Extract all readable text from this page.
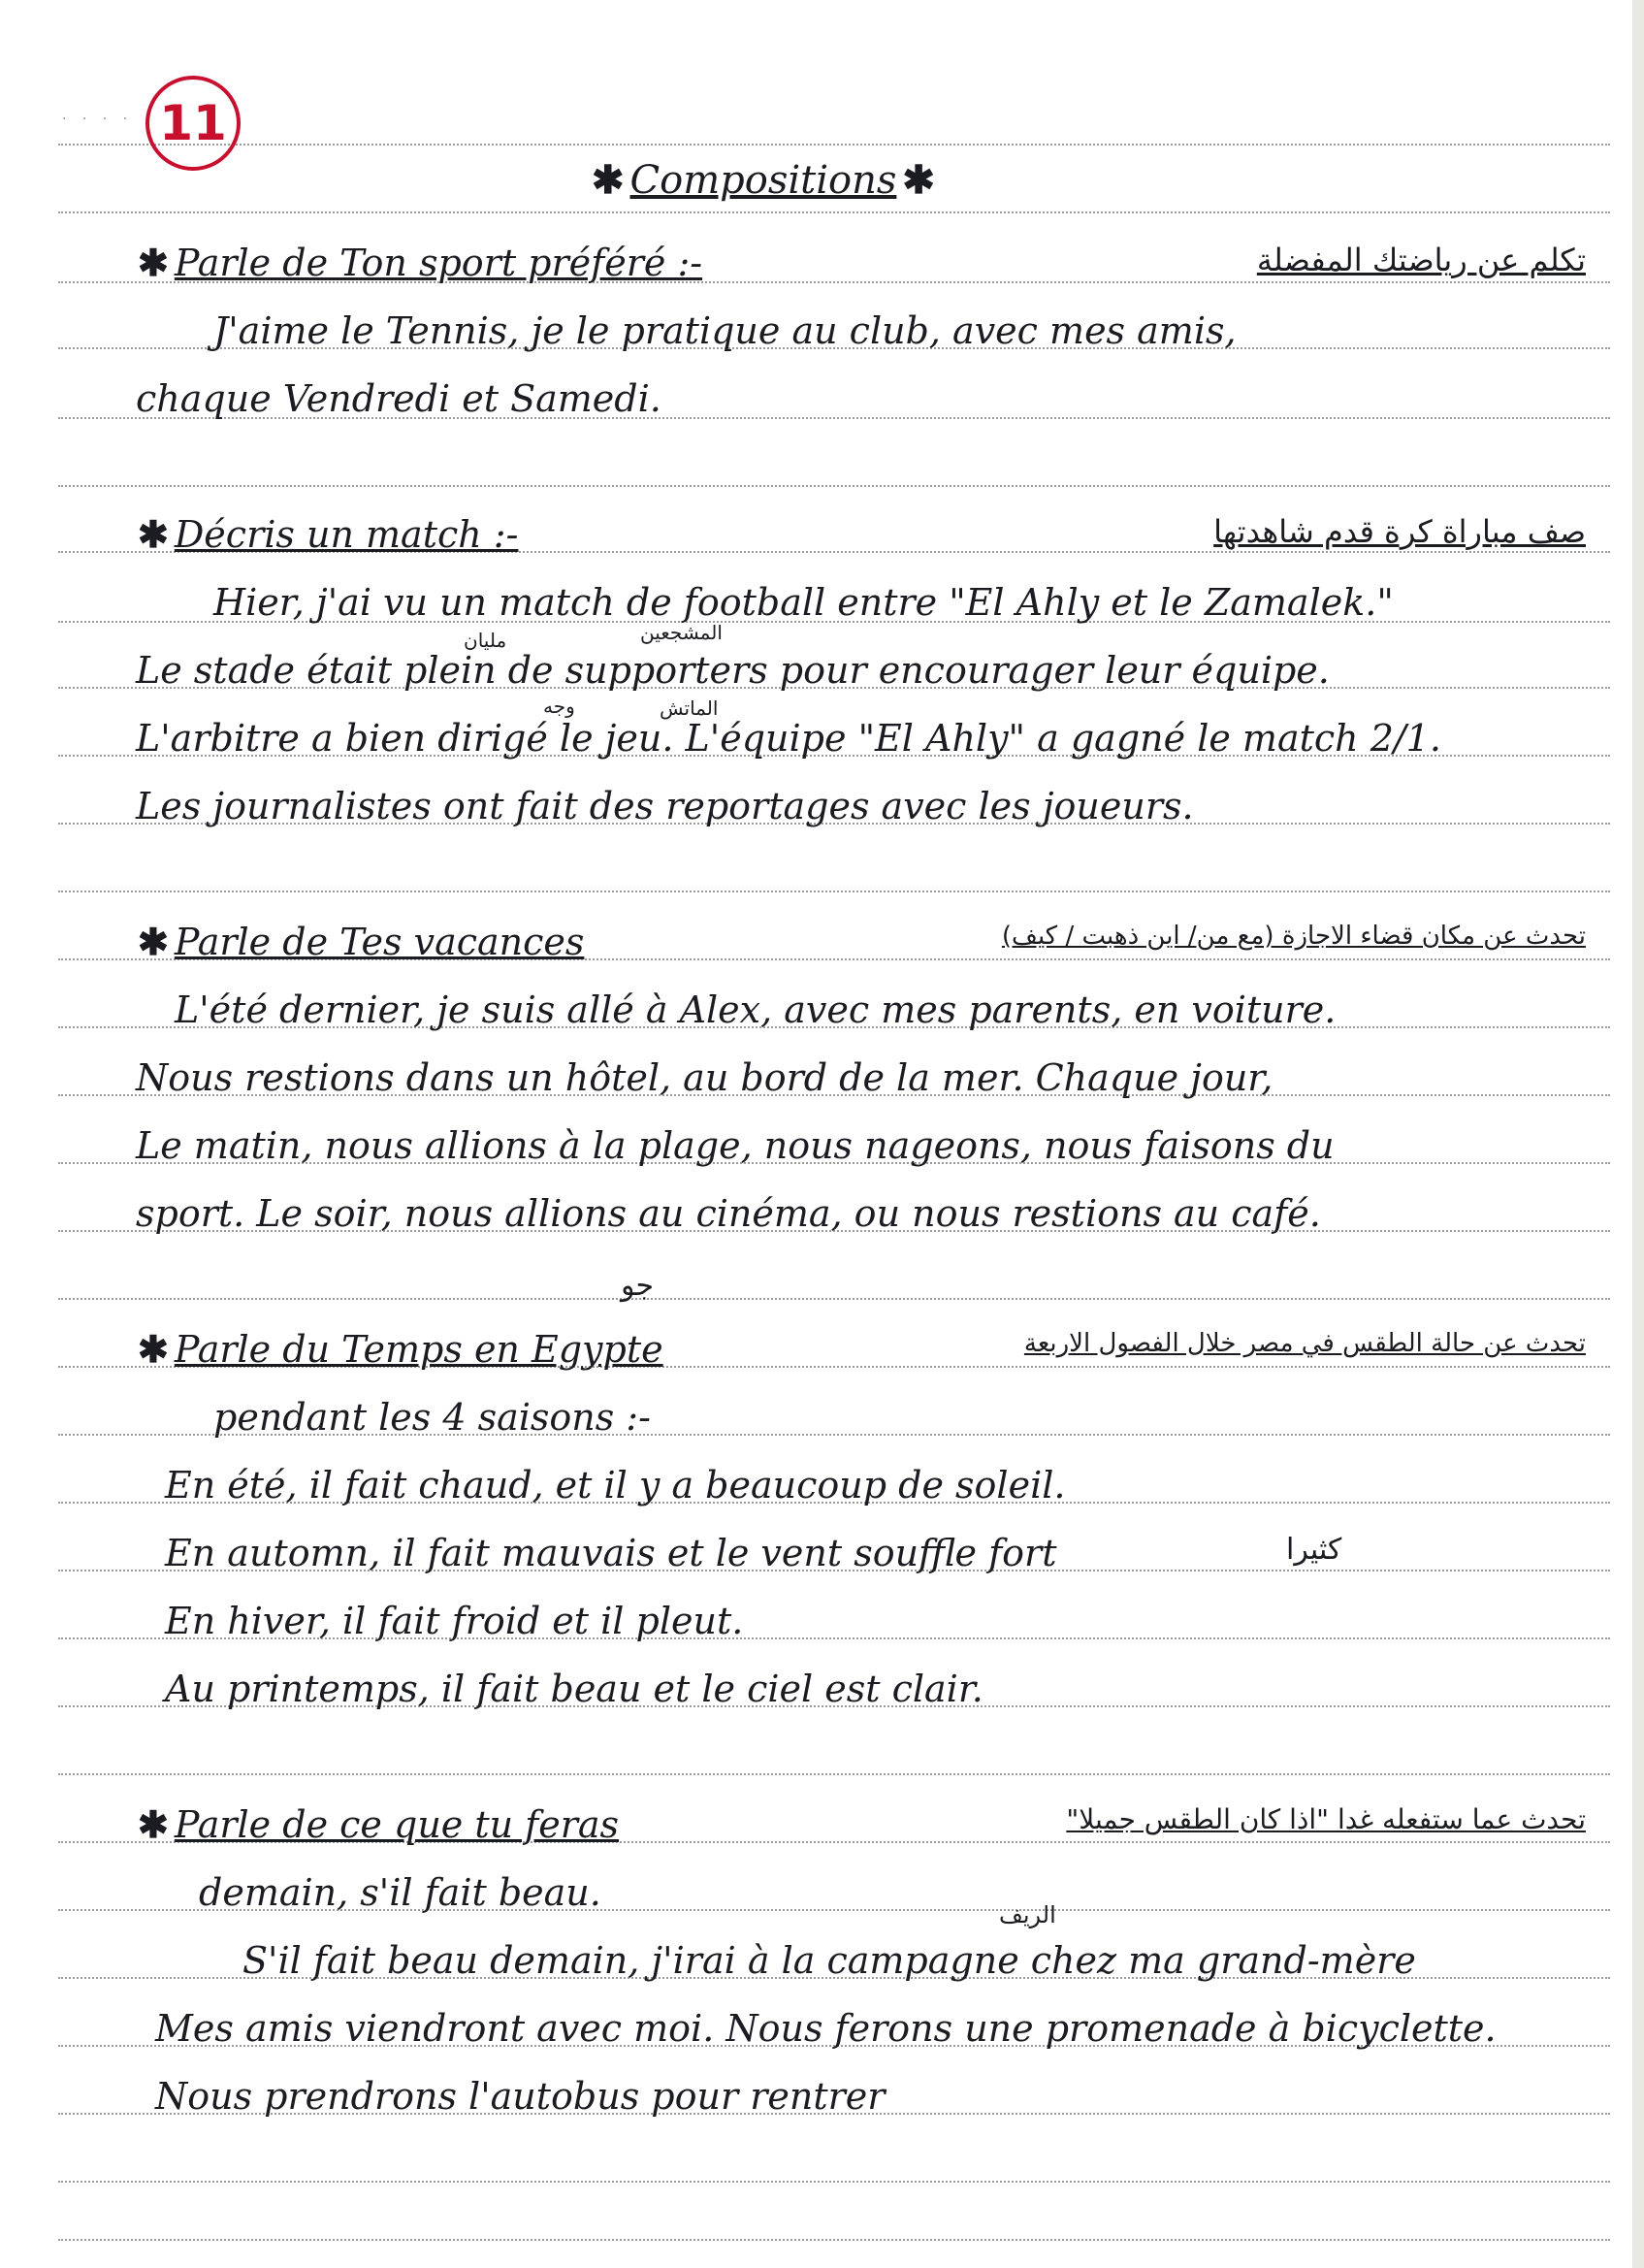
· · · · 11
✱ Compositions ✱
✱ Parle de Ton sport préféré :-	تكلم عن رياضتك المفضلة
J'aime le Tennis, je le pratique au club, avec mes amis,
chaque Vendredi et Samedi.
✱ Décris un match :-	صف مباراة كرة قدم شاهدتها
Hier, j'ai vu un match de football entre "El Ahly et le Zamalek."
مليان	المشجعين
Le stade était plein de supporters pour encourager leur équipe.
وجه	الماتش
L'arbitre a bien dirigé le jeu. L'équipe "El Ahly" a gagné le match 2/1.
Les journalistes ont fait des reportages avec les joueurs.
✱ Parle de Tes vacances	تحدث عن مكان قضاء الاجازة (مع من/ اين ذهبت / كيف)
L'été dernier, je suis allé à Alex, avec mes parents, en voiture.
Nous restions dans un hôtel, au bord de la mer. Chaque jour,
Le matin, nous allions à la plage, nous nageons, nous faisons du
sport. Le soir, nous allions au cinéma, ou nous restions au café.
جو
✱ Parle du Temps en Egypte	تحدث عن حالة الطقس في مصر خلال الفصول الاربعة
pendant les 4 saisons :-
En été, il fait chaud, et il y a beaucoup de soleil.
En automn, il fait mauvais et le vent souffle fort	كثيرا
En hiver, il fait froid et il pleut.
Au printemps, il fait beau et le ciel est clair.
✱ Parle de ce que tu feras	تحدث عما ستفعله غدا "اذا كان الطقس جميلا"
demain, s'il fait beau.
الريف
S'il fait beau demain, j'irai à la campagne chez ma grand-mère
Mes amis viendront avec moi. Nous ferons une promenade à bicyclette.
Nous prendrons l'autobus pour rentrer
